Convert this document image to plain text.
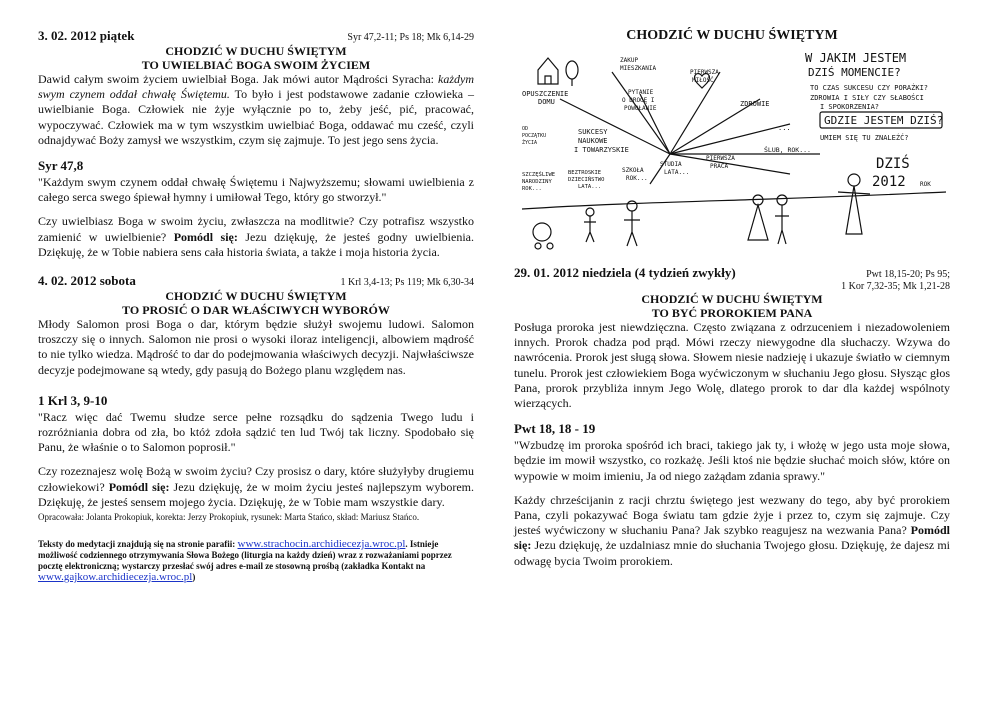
3. 02. 2012 piątek	Syr 47,2-11; Ps 18; Mk 6,14-29
CHODZIĆ W DUCHU ŚWIĘTYM
TO UWIELBIAĆ BOGA SWOIM ŻYCIEM

Dawid całym swoim życiem uwielbiał Boga. Jak mówi autor Mądrości Syracha: każdym swym czynem oddał chwałę Świętemu. To było i jest podstawowe zadanie człowieka – uwielbianie Boga. Człowiek nie żyje wyłącznie po to, żeby jeść, pić, pracować, wypoczywać. Człowiek ma w tym wszystkim uwielbiać Boga, oddawać mu cześć, czyli odnajdywać Boży zamysł we wszystkim, czym się zajmuje. To jest jego sens życia.

Syr 47,8

"Każdym swym czynem oddał chwałę Świętemu i Najwyższemu; słowami uwielbienia z całego serca swego śpiewał hymny i umiłował Tego, który go stworzył."

Czy uwielbiasz Boga w swoim życiu, zwłaszcza na modlitwie? Czy potrafisz wszystko zamienić w uwielbienie? Pomódl się: Jezu dziękuję, że jesteś godny uwielbienia. Dziękuję, że w Tobie nabiera sens cała historia świata, a także i moja historia życia.

4. 02. 2012 sobota	1 Krl 3,4-13; Ps 119; Mk 6,30-34
CHODZIĆ W DUCHU ŚWIĘTYM
TO PROSIĆ O DAR WŁAŚCIWYCH WYBORÓW

Młody Salomon prosi Boga o dar, którym będzie służył swojemu ludowi. Salomon troszczy się o innych. Salomon nie prosi o wysoki iloraz inteligencji, albowiem mądrość to nie tylko wiedza. Mądrość to dar do podejmowania właściwych decyzji. Najwłaściwsze decyzje podejmowane są wtedy, gdy pasują do Bożego planu względem nas.

1 Krl 3, 9-10

"Racz więc dać Twemu słudze serce pełne rozsądku do sądzenia Twego ludu i rozróżniania dobra od zła, bo któż zdoła sądzić ten lud Twój tak liczny. Spodobało się Panu, że właśnie o to Salomon poprosił."

Czy rozeznajesz wolę Bożą w swoim życiu? Czy prosisz o dary, które służyłyby drugiemu człowiekowi? Pomódl się: Jezu dziękuję, że w moim życiu jesteś najlepszym wyborem. Dziękuję, że jesteś sensem mojego życia. Dziękuję, że w Tobie mam wszystkie dary.

Opracowała: Jolanta Prokopiuk, korekta: Jerzy Prokopiuk, rysunek: Marta Stańco, skład: Mariusz Stańco.

Teksty do medytacji znajdują się na stronie parafii: www.strachocin.archidiecezja.wroc.pl. Istnieje możliwość codziennego otrzymywania Słowa Bożego (liturgia na każdy dzień) wraz z rozważaniami poprzez pocztę elektroniczną; wystarczy przesłać swój adres e-mail ze stosowną prośbą (zakładka Kontakt na www.gajkow.archidiecezja.wroc.pl)

CHODZIĆ W DUCHU ŚWIĘTYM
W JAKIM JESTEM
DZIŚ MOMENCIE?
TO CZAS SUKCESU CZY PORAŻKI?
ZDROWIA I SIŁY CZY SŁABOŚCI
I SPOKORZENIA?
GDZIE JESTEM DZIŚ?
UMIEM SIĘ TU ZNALEŹĆ?
DZIŚ
2012 ROK
OPUSZCZENIE
DOMU
ZAKUP
MIESZKANIA
PYTANIE
O DROGĘ I
POWOŁANIE
PIERWSZA
MIŁOŚĆ
ZDROWIE
...
SUKCESY
NAUKOWE
I TOWARZYSKIE
OD
POCZĄTKU
ŻYCIA
SZCZĘŚLIWE
NARODZINY
ROK...
BEZTROSKIE
DZIECIŃSTWO
LATA...
SZKOŁA
ROK...
STUDIA
LATA...
PIERWSZA
PRACA
ŚLUB, ROK...
29. 01. 2012 niedziela (4 tydzień zwykły)	Pwt 18,15-20; Ps 95;
1 Kor 7,32-35; Mk 1,21-28
CHODZIĆ W DUCHU ŚWIĘTYM
TO BYĆ PROROKIEM PANA

Posługa proroka jest niewdzięczna. Często związana z odrzuceniem i niezadowoleniem innych. Prorok chadza pod prąd. Mówi rzeczy niewygodne dla słuchaczy. Wzywa do nawrócenia. Prorok jest sługą słowa. Słowem niesie nadzieję i ukazuje światło w ciemnym tunelu. Prorok jest człowiekiem Boga wyćwiczonym w słuchaniu Jego głosu. Słysząc głos Pana, prorok przybliża innym Jego Wolę, dlatego prorok to dar dla każdej wspólnoty wierzących.

Pwt 18, 18 - 19

"Wzbudzę im proroka spośród ich braci, takiego jak ty, i włożę w jego usta moje słowa, będzie im mowił wszystko, co rozkażę. Jeśli ktoś nie będzie słuchać moich słów, które on wypowie w moim imieniu, Ja od niego zażądam zdania sprawy."

Każdy chrześcijanin z racji chrztu świętego jest wezwany do tego, aby być prorokiem Pana, czyli pokazywać Boga światu tam gdzie żyje i przez to, czym się zajmuje. Czy jesteś wyćwiczony w słuchaniu Pana? Jak szybko reagujesz na wezwania Pana? Pomódl się: Jezu dziękuję, że uzdalniasz mnie do słuchania Twojego głosu. Dziękuję, że dajesz mi odwagę bycia Twoim prorokiem.
